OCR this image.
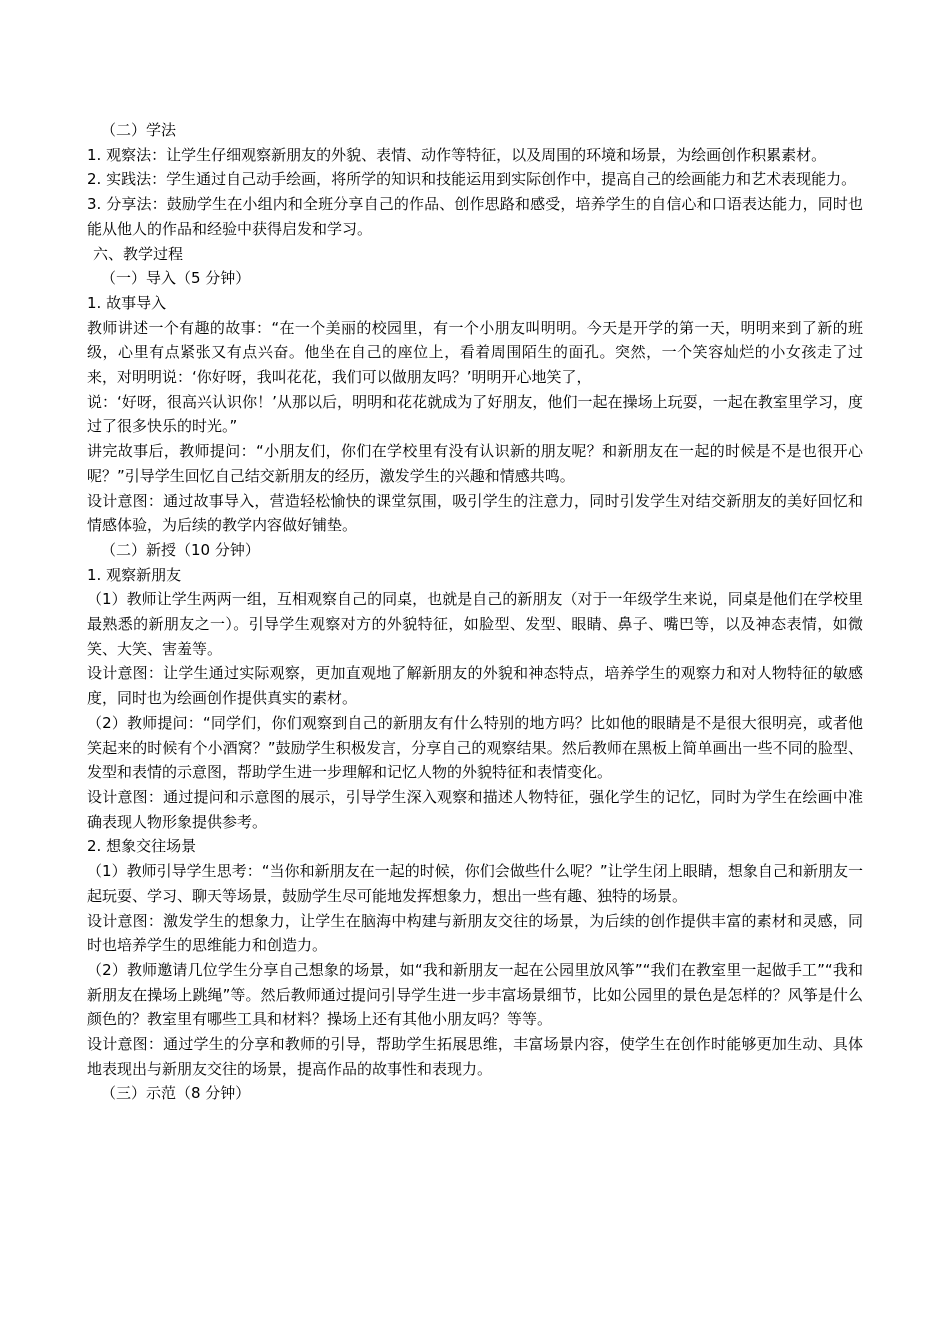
（二）学法

1. 观察法：让学生仔细观察新朋友的外貌、表情、动作等特征，以及周围的环境和场景，为绘画创作积累素材。

2. 实践法：学生通过自己动手绘画，将所学的知识和技能运用到实际创作中，提高自己的绘画能力和艺术表现能力。

3. 分享法：鼓励学生在小组内和全班分享自己的作品、创作思路和感受，培养学生的自信心和口语表达能力，同时也能从他人的作品和经验中获得启发和学习。

六、教学过程

（一）导入（5 分钟）

1. 故事导入

教师讲述一个有趣的故事：“在一个美丽的校园里，有一个小朋友叫明明。今天是开学的第一天，明明来到了新的班级，心里有点紧张又有点兴奋。他坐在自己的座位上，看着周围陌生的面孔。突然，一个笑容灿烂的小女孩走了过来，对明明说：‘你好呀，我叫花花，我们可以做朋友吗？’明明开心地笑了，

说：‘好呀，很高兴认识你！’从那以后，明明和花花就成为了好朋友，他们一起在操场上玩耍，一起在教室里学习，度过了很多快乐的时光。”

讲完故事后，教师提问：“小朋友们，你们在学校里有没有认识新的朋友呢？和新朋友在一起的时候是不是也很开心呢？”引导学生回忆自己结交新朋友的经历，激发学生的兴趣和情感共鸣。

设计意图：通过故事导入，营造轻松愉快的课堂氛围，吸引学生的注意力，同时引发学生对结交新朋友的美好回忆和情感体验，为后续的教学内容做好铺垫。

（二）新授（10 分钟）

1. 观察新朋友

（1）教师让学生两两一组，互相观察自己的同桌，也就是自己的新朋友（对于一年级学生来说，同桌是他们在学校里最熟悉的新朋友之一）。引导学生观察对方的外貌特征，如脸型、发型、眼睛、鼻子、嘴巴等，以及神态表情，如微笑、大笑、害羞等。

设计意图：让学生通过实际观察，更加直观地了解新朋友的外貌和神态特点，培养学生的观察力和对人物特征的敏感度，同时也为绘画创作提供真实的素材。

（2）教师提问：“同学们，你们观察到自己的新朋友有什么特别的地方吗？比如他的眼睛是不是很大很明亮，或者他笑起来的时候有个小酒窝？”鼓励学生积极发言，分享自己的观察结果。然后教师在黑板上简单画出一些不同的脸型、发型和表情的示意图，帮助学生进一步理解和记忆人物的外貌特征和表情变化。

设计意图：通过提问和示意图的展示，引导学生深入观察和描述人物特征，强化学生的记忆，同时为学生在绘画中准确表现人物形象提供参考。

2. 想象交往场景

（1）教师引导学生思考：“当你和新朋友在一起的时候，你们会做些什么呢？”让学生闭上眼睛，想象自己和新朋友一起玩耍、学习、聊天等场景，鼓励学生尽可能地发挥想象力，想出一些有趣、独特的场景。

设计意图：激发学生的想象力，让学生在脑海中构建与新朋友交往的场景，为后续的创作提供丰富的素材和灵感，同时也培养学生的思维能力和创造力。

（2）教师邀请几位学生分享自己想象的场景，如“我和新朋友一起在公园里放风筝”“我们在教室里一起做手工”“我和新朋友在操场上跳绳”等。然后教师通过提问引导学生进一步丰富场景细节，比如公园里的景色是怎样的？风筝是什么颜色的？教室里有哪些工具和材料？操场上还有其他小朋友吗？等等。

设计意图：通过学生的分享和教师的引导，帮助学生拓展思维，丰富场景内容，使学生在创作时能够更加生动、具体地表现出与新朋友交往的场景，提高作品的故事性和表现力。

（三）示范（8 分钟）
